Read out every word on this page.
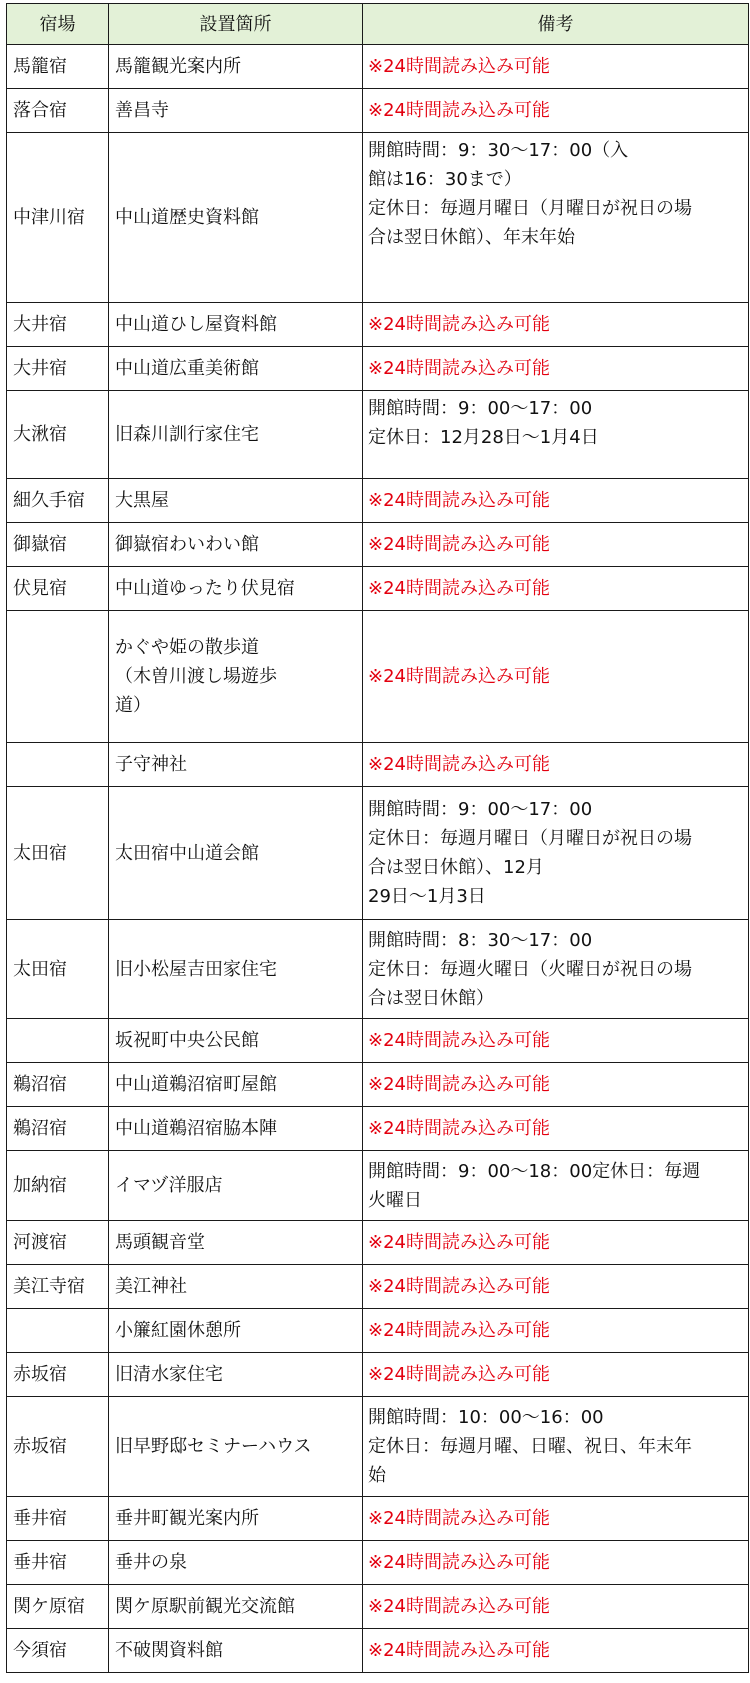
宿場	設置箇所	備考
馬籠宿	馬籠観光案内所	※24時間読み込み可能

落合宿	善昌寺	※24時間読み込み可能

中津川宿	中山道歴史資料館	開館時間：9：30～17：00（入
館は16：30まで）
定休日：毎週月曜日（月曜日が祝日の場
合は翌日休館）、年末年始

大井宿	中山道ひし屋資料館	※24時間読み込み可能

大井宿	中山道広重美術館	※24時間読み込み可能

大湫宿	旧森川訓行家住宅	開館時間：9：00～17：00
定休日：12月28日～1月4日

細久手宿	大黒屋	※24時間読み込み可能

御嶽宿	御嶽宿わいわい館	※24時間読み込み可能

伏見宿	中山道ゆったり伏見宿	※24時間読み込み可能

	かぐや姫の散歩道
（木曽川渡し場遊歩
道）	※24時間読み込み可能

	子守神社	※24時間読み込み可能

太田宿	太田宿中山道会館	開館時間：9：00～17：00
定休日：毎週月曜日（月曜日が祝日の場
合は翌日休館）、12月
29日～1月3日

太田宿	旧小松屋吉田家住宅	開館時間：8：30～17：00
定休日：毎週火曜日（火曜日が祝日の場
合は翌日休館）

	坂祝町中央公民館	※24時間読み込み可能

鵜沼宿	中山道鵜沼宿町屋館	※24時間読み込み可能

鵜沼宿	中山道鵜沼宿脇本陣	※24時間読み込み可能

加納宿	イマヅ洋服店	開館時間：9：00～18：00定休日：毎週
火曜日

河渡宿	馬頭観音堂	※24時間読み込み可能

美江寺宿	美江神社	※24時間読み込み可能

	小簾紅園休憩所	※24時間読み込み可能

赤坂宿	旧清水家住宅	※24時間読み込み可能

赤坂宿	旧早野邸セミナーハウス	開館時間：10：00～16：00
定休日：毎週月曜、日曜、祝日、年末年
始

垂井宿	垂井町観光案内所	※24時間読み込み可能

垂井宿	垂井の泉	※24時間読み込み可能

関ケ原宿	関ケ原駅前観光交流館	※24時間読み込み可能

今須宿	不破関資料館	※24時間読み込み可能
